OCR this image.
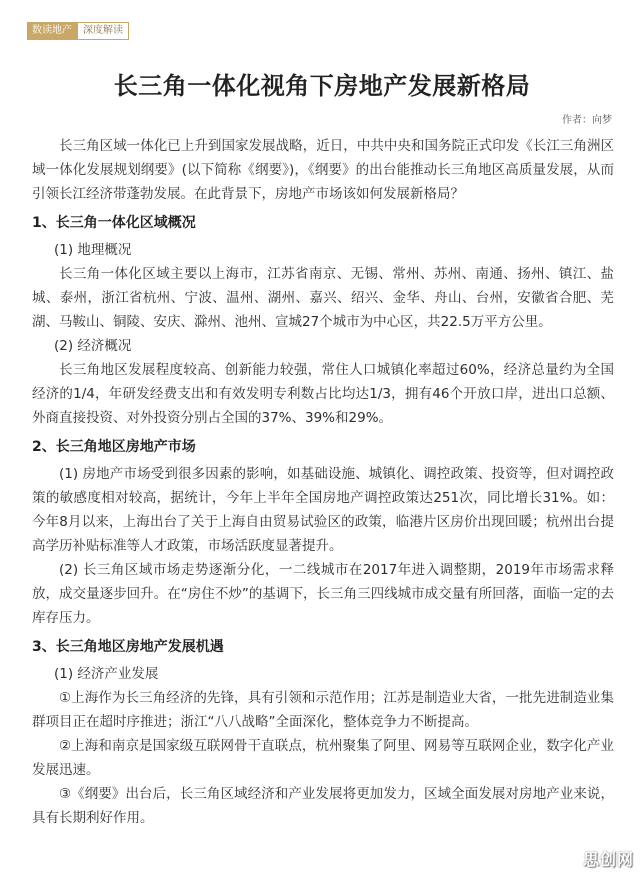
数读地产	深度解读
长三角一体化视角下房地产发展新格局
作者：向梦

长三角区域一体化已上升到国家发展战略，近日，中共中央和国务院正式印发《长江三角洲区域一体化发展规划纲要》(以下简称《纲要》)，《纲要》的出台能推动长三角地区高质量发展，从而引领长江经济带蓬勃发展。在此背景下，房地产市场该如何发展新格局？

1、长三角一体化区域概况

(1) 地理概况

长三角一体化区域主要以上海市，江苏省南京、无锡、常州、苏州、南通、扬州、镇江、盐城、泰州，浙江省杭州、宁波、温州、湖州、嘉兴、绍兴、金华、舟山、台州，安徽省合肥、芜湖、马鞍山、铜陵、安庆、滁州、池州、宣城27个城市为中心区，共22.5万平方公里。

(2) 经济概况

长三角地区发展程度较高、创新能力较强，常住人口城镇化率超过60%，经济总量约为全国经济的1/4，年研发经费支出和有效发明专利数占比均达1/3，拥有46个开放口岸，进出口总额、外商直接投资、对外投资分别占全国的37%、39%和29%。

2、长三角地区房地产市场

(1) 房地产市场受到很多因素的影响，如基础设施、城镇化、调控政策、投资等，但对调控政策的敏感度相对较高，据统计，今年上半年全国房地产调控政策达251次，同比增长31%。如：今年8月以来，上海出台了关于上海自由贸易试验区的政策，临港片区房价出现回暖；杭州出台提高学历补贴标准等人才政策，市场活跃度显著提升。

(2) 长三角区域市场走势逐渐分化，一二线城市在2017年进入调整期，2019年市场需求释放，成交量逐步回升。在“房住不炒”的基调下，长三角三四线城市成交量有所回落，面临一定的去库存压力。

3、长三角地区房地产发展机遇

(1) 经济产业发展

①上海作为长三角经济的先锋，具有引领和示范作用；江苏是制造业大省，一批先进制造业集群项目正在超时序推进；浙江“八八战略”全面深化，整体竞争力不断提高。

②上海和南京是国家级互联网骨干直联点，杭州聚集了阿里、网易等互联网企业，数字化产业发展迅速。

③《纲要》出台后，长三角区域经济和产业发展将更加发力，区域全面发展对房地产业来说，具有长期利好作用。

思创网
